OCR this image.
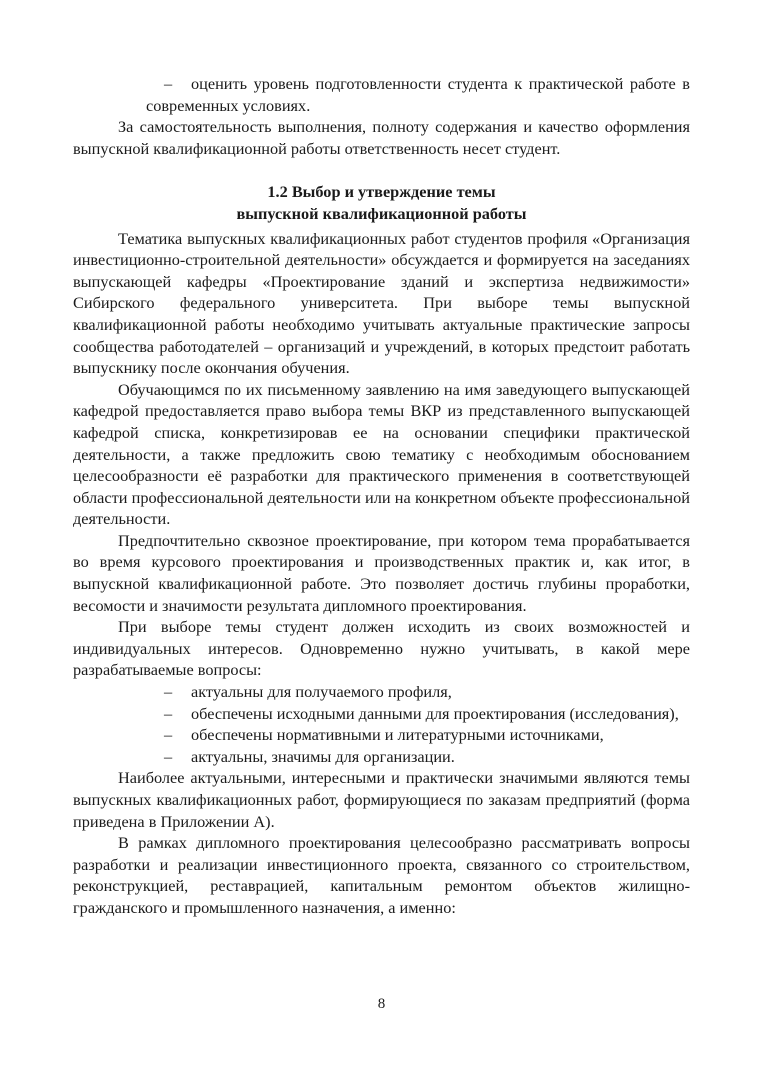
– оценить уровень подготовленности студента к практической работе в современных условиях.

За самостоятельность выполнения, полноту содержания и качество оформления выпускной квалификационной работы ответственность несет студент.

1.2 Выбор и утверждение темы
выпускной квалификационной работы

Тематика выпускных квалификационных работ студентов профиля «Организация инвестиционно-строительной деятельности» обсуждается и формируется на заседаниях выпускающей кафедры «Проектирование зданий и экспертиза недвижимости» Сибирского федерального университета. При выборе темы выпускной квалификационной работы необходимо учитывать актуальные практические запросы сообщества работодателей – организаций и учреждений, в которых предстоит работать выпускнику после окончания обучения.

Обучающимся по их письменному заявлению на имя заведующего выпускающей кафедрой предоставляется право выбора темы ВКР из представленного выпускающей кафедрой списка, конкретизировав ее на основании специфики практической деятельности, а также предложить свою тематику с необходимым обоснованием целесообразности её разработки для практического применения в соответствующей области профессиональной деятельности или на конкретном объекте профессиональной деятельности.

Предпочтительно сквозное проектирование, при котором тема прорабатывается во время курсового проектирования и производственных практик и, как итог, в выпускной квалификационной работе. Это позволяет достичь глубины проработки, весомости и значимости результата дипломного проектирования.

При выборе темы студент должен исходить из своих возможностей и индивидуальных интересов. Одновременно нужно учитывать, в какой мере разрабатываемые вопросы:

– актуальны для получаемого профиля,

– обеспечены исходными данными для проектирования (исследования),

– обеспечены нормативными и литературными источниками,

– актуальны, значимы для организации.

Наиболее актуальными, интересными и практически значимыми являются темы выпускных квалификационных работ, формирующиеся по заказам предприятий (форма приведена в Приложении А).

В рамках дипломного проектирования целесообразно рассматривать вопросы разработки и реализации инвестиционного проекта, связанного со строительством, реконструкцией, реставрацией, капитальным ремонтом объектов жилищно-гражданского и промышленного назначения, а именно:

8
